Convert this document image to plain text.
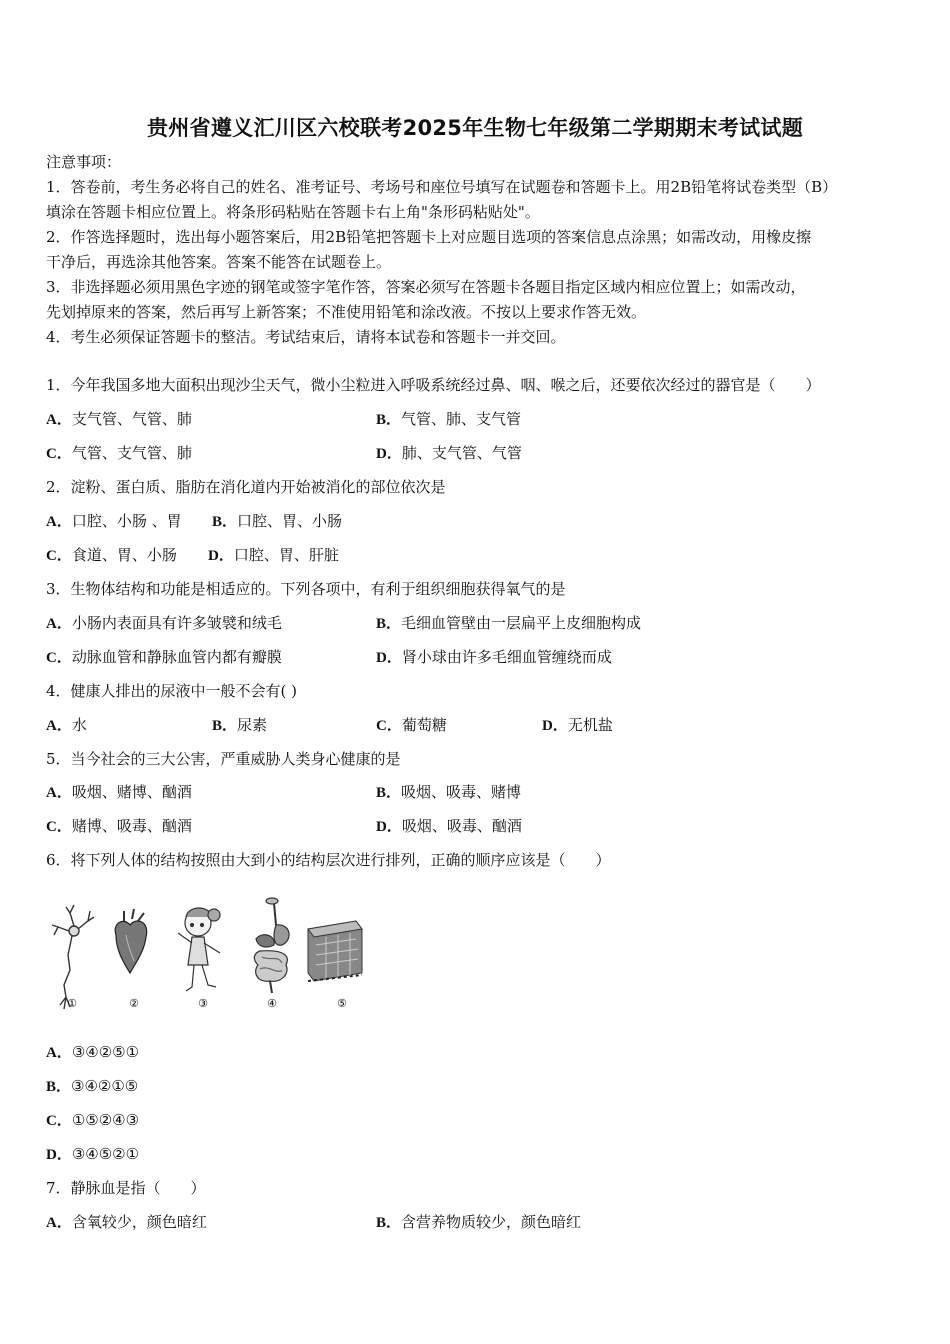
贵州省遵义汇川区六校联考2025年生物七年级第二学期期末考试试题
注意事项：
1．答卷前，考生务必将自己的姓名、准考证号、考场号和座位号填写在试题卷和答题卡上。用2B铅笔将试卷类型（B）
填涂在答题卡相应位置上。将条形码粘贴在答题卡右上角"条形码粘贴处"。
2．作答选择题时，选出每小题答案后，用2B铅笔把答题卡上对应题目选项的答案信息点涂黑；如需改动，用橡皮擦
干净后，再选涂其他答案。答案不能答在试题卷上。
3．非选择题必须用黑色字迹的钢笔或签字笔作答，答案必须写在答题卡各题目指定区域内相应位置上；如需改动，
先划掉原来的答案，然后再写上新答案；不准使用铅笔和涂改液。不按以上要求作答无效。
4．考生必须保证答题卡的整洁。考试结束后，请将本试卷和答题卡一并交回。
1．今年我国多地大面积出现沙尘天气，微小尘粒进入呼吸系统经过鼻、咽、喉之后，还要依次经过的器官是（　　）
A．支气管、气管、肺	B．气管、肺、支气管
C．气管、支气管、肺	D．肺、支气管、气管
2．淀粉、蛋白质、脂肪在消化道内开始被消化的部位依次是
A．口腔、小肠 、胃 B．口腔、胃、小肠
C．食道、胃、小肠 D．口腔、胃、肝脏
3．生物体结构和功能是相适应的。下列各项中，有利于组织细胞获得氧气的是
A．小肠内表面具有许多皱襞和绒毛	B．毛细血管壁由一层扁平上皮细胞构成
C．动脉血管和静脉血管内都有瓣膜	D．肾小球由许多毛细血管缠绕而成
4．健康人排出的尿液中一般不会有( )
A．水	B．尿素	C．葡萄糖	D．无机盐
5．当今社会的三大公害，严重威胁人类身心健康的是
A．吸烟、赌博、酗酒	B．吸烟、吸毒、赌博
C．赌博、吸毒、酗酒	D．吸烟、吸毒、酗酒
6．将下列人体的结构按照由大到小的结构层次进行排列，正确的顺序应该是（　　）
①	②	③	④	⑤
A．③④②⑤①
B．③④②①⑤
C．①⑤②④③
D．③④⑤②①
7．静脉血是指（　　）
A．含氧较少，颜色暗红	B．含营养物质较少，颜色暗红
